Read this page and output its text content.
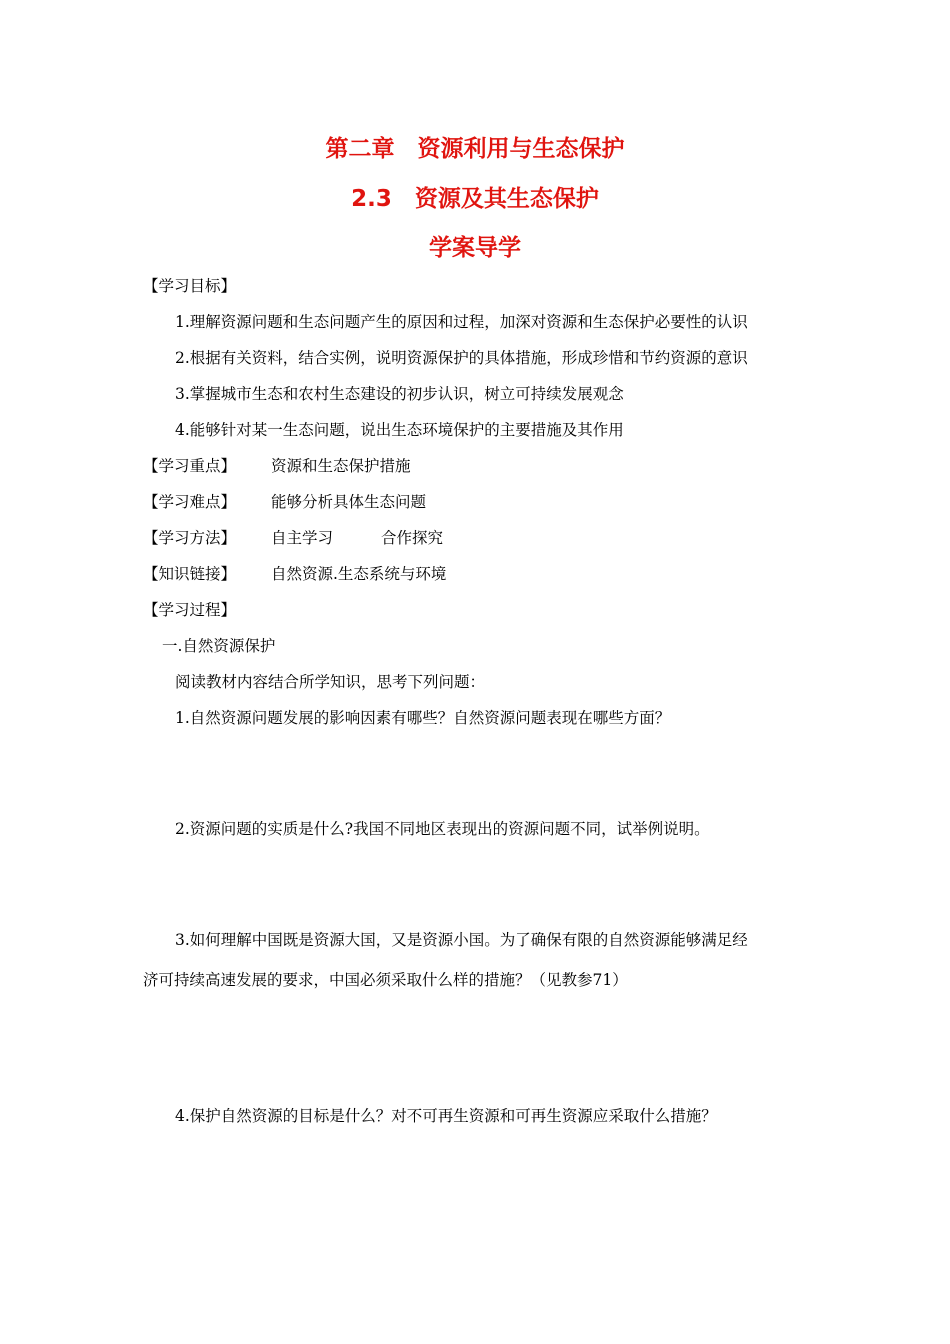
第二章　资源利用与生态保护
2.3　资源及其生态保护
学案导学
【学习目标】
1.理解资源问题和生态问题产生的原因和过程，加深对资源和生态保护必要性的认识
2.根据有关资料，结合实例，说明资源保护的具体措施，形成珍惜和节约资源的意识
3.掌握城市生态和农村生态建设的初步认识，树立可持续发展观念
4.能够针对某一生态问题，说出生态环境保护的主要措施及其作用
【学习重点】 资源和生态保护措施
【学习难点】 能够分析具体生态问题
【学习方法】 自主学习	合作探究
【知识链接】 自然资源.生态系统与环境
【学习过程】
一.自然资源保护
阅读教材内容结合所学知识，思考下列问题：
1.自然资源问题发展的影响因素有哪些？自然资源问题表现在哪些方面？
2.资源问题的实质是什么?我国不同地区表现出的资源问题不同，试举例说明。
3.如何理解中国既是资源大国，又是资源小国。为了确保有限的自然资源能够满足经
济可持续高速发展的要求，中国必须采取什么样的措施？（见教参71）
4.保护自然资源的目标是什么？对不可再生资源和可再生资源应采取什么措施？
